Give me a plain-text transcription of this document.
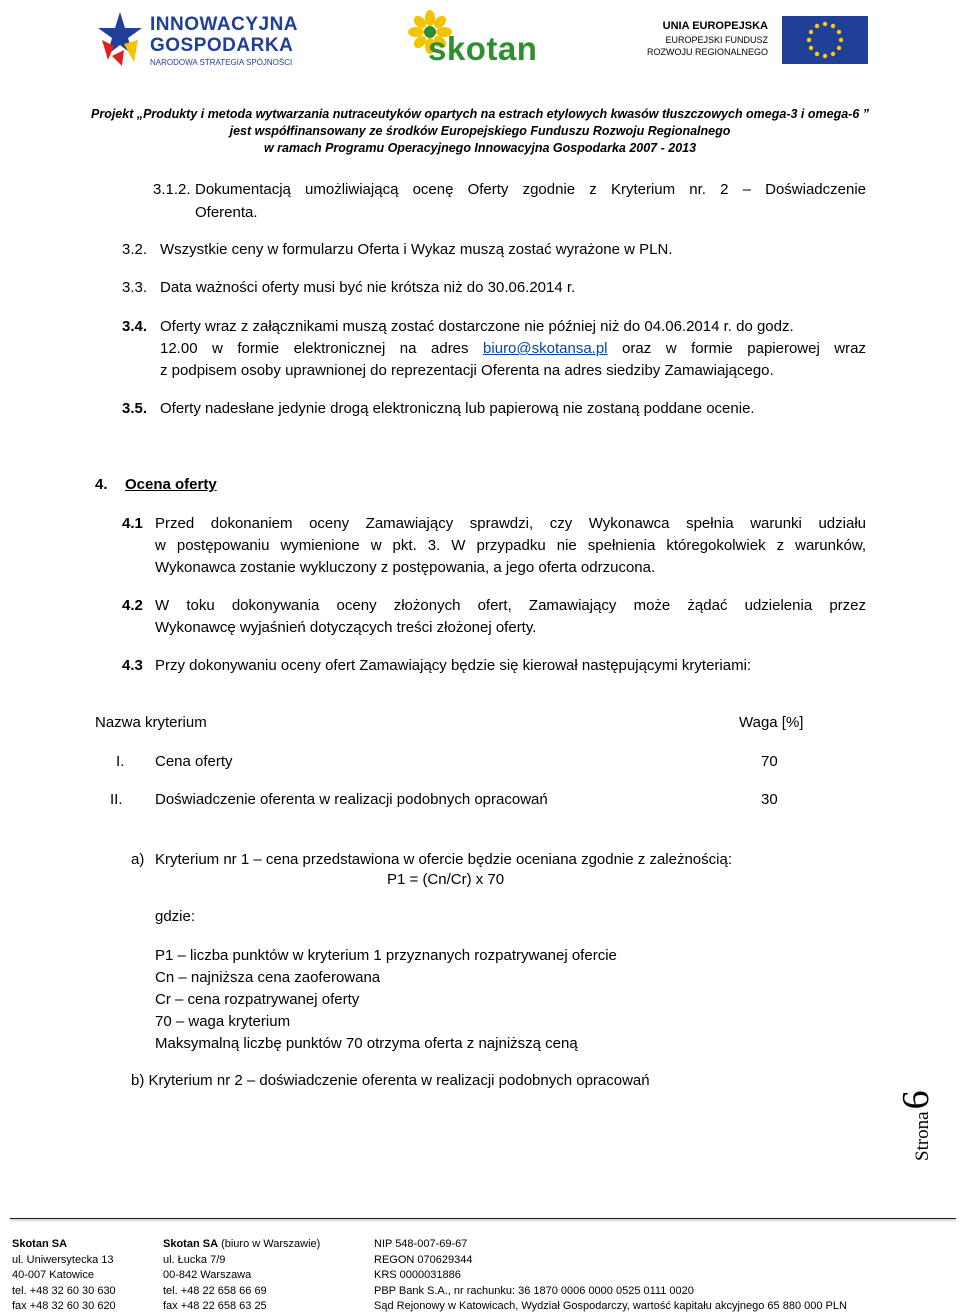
INNOWACYJNA
GOSPODARKA
NARODOWA STRATEGIA SPÓJNOŚCI	skotan
UNIA EUROPEJSKA
EUROPEJSKI FUNDUSZ
ROZWOJU REGIONALNEGO
Projekt „Produkty i metoda wytwarzania nutraceutyków opartych na estrach etylowych kwasów tłuszczowych omega-3 i omega-6 ”
jest współfinansowany ze środków Europejskiego Funduszu Rozwoju Regionalnego
w ramach Programu Operacyjnego Innowacyjna Gospodarka 2007 - 2013
3.1.2. Dokumentacją umożliwiającą ocenę Oferty zgodnie z Kryterium nr. 2 – Doświadczenie
Oferenta.
3.2. Wszystkie ceny w formularzu Oferta i Wykaz muszą zostać wyrażone w PLN.
3.3. Data ważności oferty musi być nie krótsza niż do 30.06.2014 r.
3.4. Oferty wraz z załącznikami muszą zostać dostarczone nie później niż do 04.06.2014 r. do godz.
12.00 w formie elektronicznej na adres biuro@skotansa.pl oraz w formie papierowej wraz
z podpisem osoby uprawnionej do reprezentacji Oferenta na adres siedziby Zamawiającego.
3.5. Oferty nadesłane jedynie drogą elektroniczną lub papierową nie zostaną poddane ocenie.
4. Ocena oferty
4.1 Przed dokonaniem oceny Zamawiający sprawdzi, czy Wykonawca spełnia warunki udziału
w postępowaniu wymienione w pkt. 3. W przypadku nie spełnienia któregokolwiek z warunków,
Wykonawca zostanie wykluczony z postępowania, a jego oferta odrzucona.
4.2 W toku dokonywania oceny złożonych ofert, Zamawiający może żądać udzielenia przez
Wykonawcę wyjaśnień dotyczących treści złożonej oferty.
4.3 Przy dokonywaniu oceny ofert Zamawiający będzie się kierował następującymi kryteriami:
Nazwa kryterium	Waga [%]
I. Cena oferty	70
II. Doświadczenie oferenta w realizacji podobnych opracowań	30
a) Kryterium nr 1 – cena przedstawiona w ofercie będzie oceniana zgodnie z zależnością:
P1 = (Cn/Cr) x 70
gdzie:
P1 – liczba punktów w kryterium 1 przyznanych rozpatrywanej ofercie
Cn – najniższa cena zaoferowana
Cr – cena rozpatrywanej oferty
70 – waga kryterium
Maksymalną liczbę punktów 70 otrzyma oferta z najniższą ceną
b) Kryterium nr 2 – doświadczenie oferenta w realizacji podobnych opracowań
Strona6
Skotan SA
ul. Uniwersytecka 13
40-007 Katowice
tel. +48 32 60 30 630
fax +48 32 60 30 620
Skotan SA (biuro w Warszawie)
ul. Łucka 7/9
00-842 Warszawa
tel. +48 22 658 66 69
fax +48 22 658 63 25
NIP 548-007-69-67
REGON 070629344
KRS 0000031886
PBP Bank S.A., nr rachunku: 36 1870 0006 0000 0525 0111 0020
Sąd Rejonowy w Katowicach, Wydział Gospodarczy, wartość kapitału akcyjnego 65 880 000 PLN
